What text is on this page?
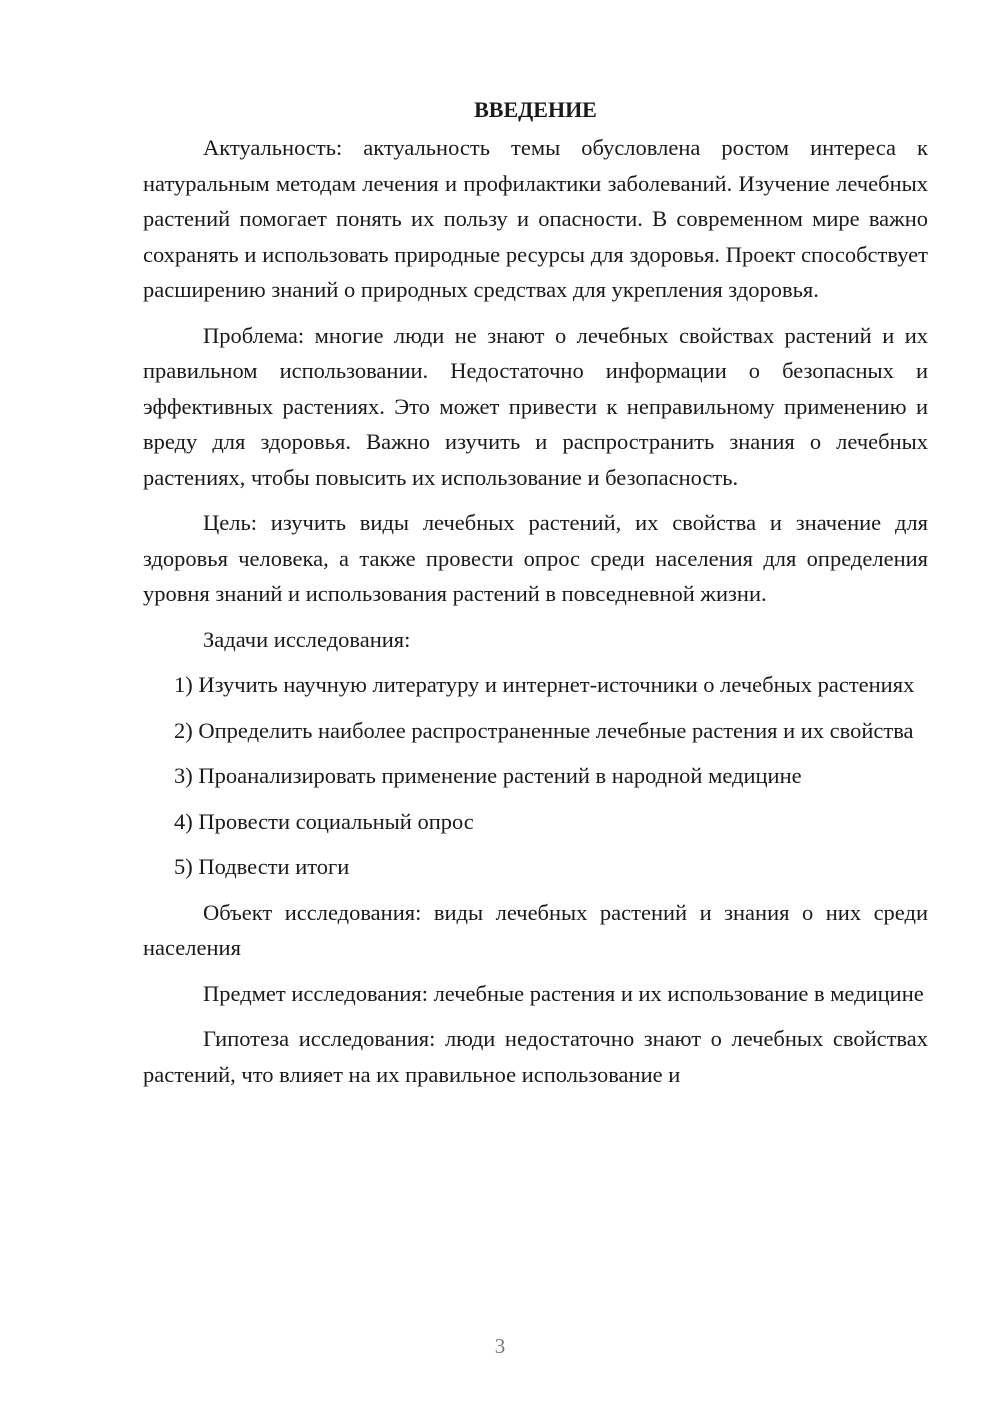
ВВЕДЕНИЕ

Актуальность: актуальность темы обусловлена ростом интереса к натуральным методам лечения и профилактики заболеваний. Изучение лечебных растений помогает понять их пользу и опасности. В современном мире важно сохранять и использовать природные ресурсы для здоровья. Проект способствует расширению знаний о природных средствах для укрепления здоровья.

Проблема: многие люди не знают о лечебных свойствах растений и их правильном использовании. Недостаточно информации о безопасных и эффективных растениях. Это может привести к неправильному применению и вреду для здоровья. Важно изучить и распространить знания о лечебных растениях, чтобы повысить их использование и безопасность.

Цель: изучить виды лечебных растений, их свойства и значение для здоровья человека, а также провести опрос среди населения для определения уровня знаний и использования растений в повседневной жизни.

Задачи исследования:

1) Изучить научную литературу и интернет-источники о лечебных растениях

2) Определить наиболее распространенные лечебные растения и их свойства

3) Проанализировать применение растений в народной медицине

4) Провести социальный опрос

5) Подвести итоги

Объект исследования: виды лечебных растений и знания о них среди населения

Предмет исследования: лечебные растения и их использование в медицине

Гипотеза исследования: люди недостаточно знают о лечебных свойствах растений, что влияет на их правильное использование и

3
